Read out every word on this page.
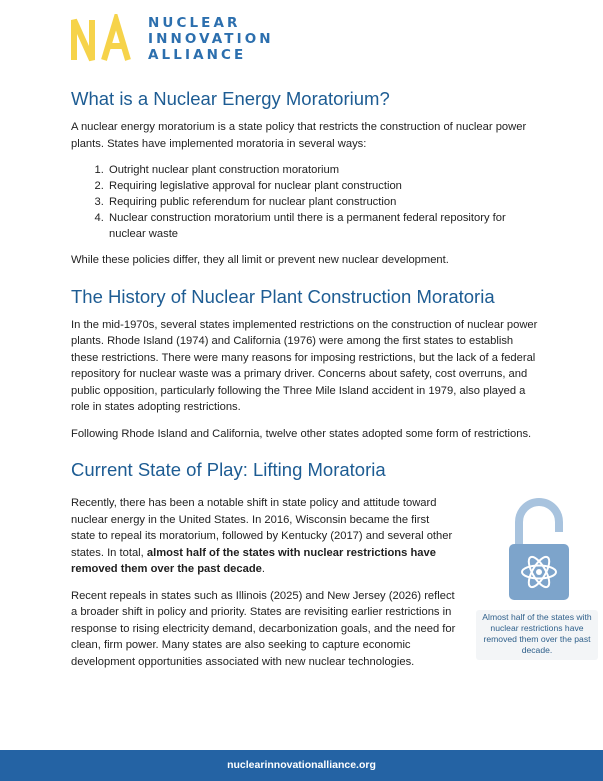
NUCLEAR
INNOVATION
ALLIANCE
What is a Nuclear Energy Moratorium?

A nuclear energy moratorium is a state policy that restricts the construction of nuclear power plants. States have implemented moratoria in several ways:

1. Outright nuclear plant construction moratorium
2. Requiring legislative approval for nuclear plant construction
3. Requiring public referendum for nuclear plant construction
4. Nuclear construction moratorium until there is a permanent federal repository for nuclear waste

While these policies differ, they all limit or prevent new nuclear development.

The History of Nuclear Plant Construction Moratoria

In the mid-1970s, several states implemented restrictions on the construction of nuclear power plants. Rhode Island (1974) and California (1976) were among the first states to establish these restrictions. There were many reasons for imposing restrictions, but the lack of a federal repository for nuclear waste was a primary driver. Concerns about safety, cost overruns, and public opposition, particularly following the Three Mile Island accident in 1979, also played a role in states adopting restrictions.

Following Rhode Island and California, twelve other states adopted some form of restrictions.

Current State of Play: Lifting Moratoria

Recently, there has been a notable shift in state policy and attitude toward nuclear energy in the United States. In 2016, Wisconsin became the first state to repeal its moratorium, followed by Kentucky (2017) and several other states. In total, almost half of the states with nuclear restrictions have removed them over the past decade.

Recent repeals in states such as Illinois (2025) and New Jersey (2026) reflect a broader shift in policy and priority. States are revisiting earlier restrictions in response to rising electricity demand, decarbonization goals, and the need for clean, firm power. Many states are also seeking to capture economic development opportunities associated with new nuclear technologies.

Almost half of the states with nuclear restrictions have removed them over the past decade.
nuclearinnovationalliance.org
